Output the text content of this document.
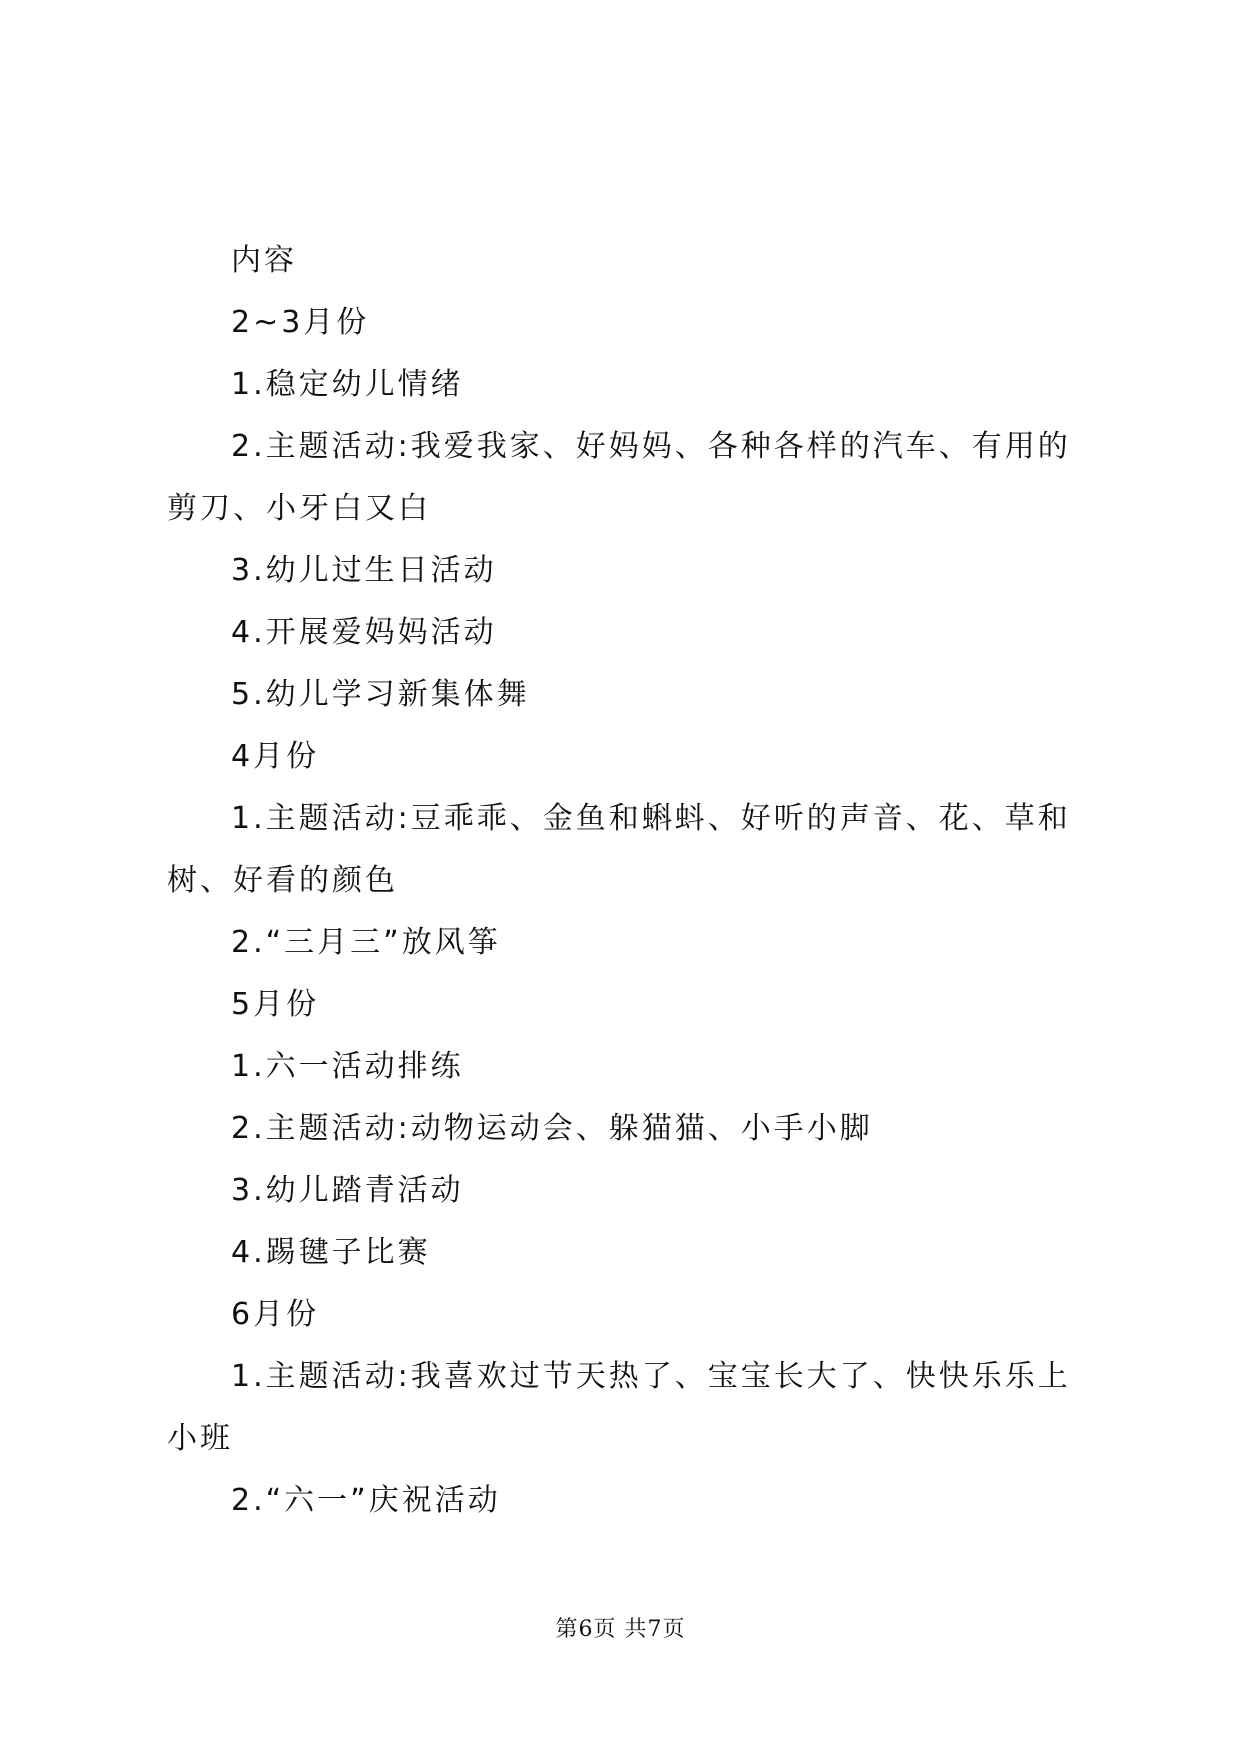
内容

2~3月份

1.稳定幼儿情绪

2.主题活动:我爱我家、好妈妈、各种各样的汽车、有用的剪刀、小牙白又白

3.幼儿过生日活动

4.开展爱妈妈活动

5.幼儿学习新集体舞

4月份

1.主题活动:豆乖乖、金鱼和蝌蚪、好听的声音、花、草和树、好看的颜色

2.“三月三”放风筝

5月份

1.六一活动排练

2.主题活动:动物运动会、躲猫猫、小手小脚

3.幼儿踏青活动

4.踢毽子比赛

6月份

1.主题活动:我喜欢过节天热了、宝宝长大了、快快乐乐上小班

2.“六一”庆祝活动

第6页 共7页
